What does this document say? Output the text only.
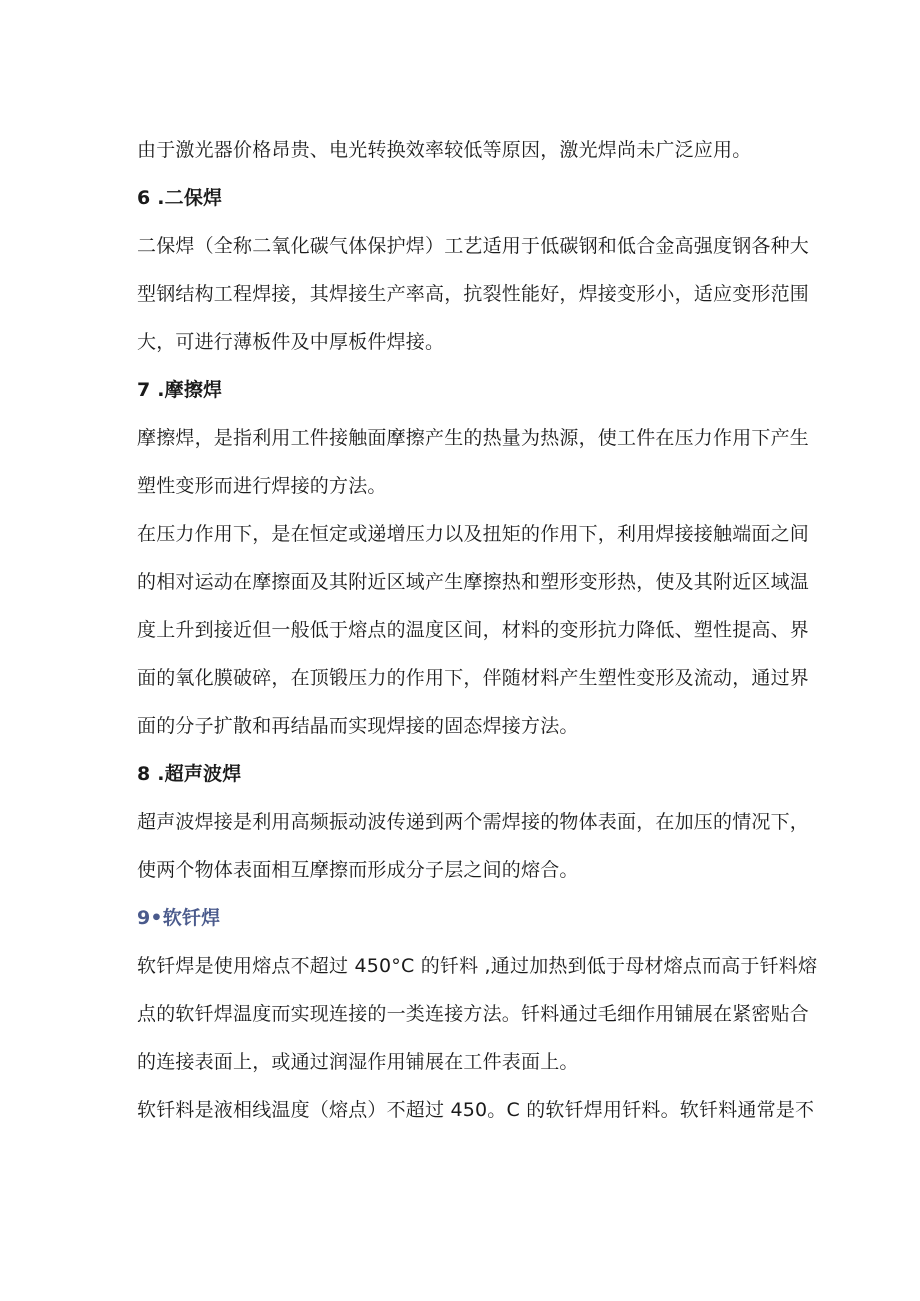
由于激光器价格昂贵、电光转换效率较低等原因，激光焊尚未广泛应用。
6 .二保焊
二保焊（全称二氧化碳气体保护焊）工艺适用于低碳钢和低合金高强度钢各种大
型钢结构工程焊接，其焊接生产率高，抗裂性能好，焊接变形小，适应变形范围
大，可进行薄板件及中厚板件焊接。
7 .摩擦焊
摩擦焊，是指利用工件接触面摩擦产生的热量为热源，使工件在压力作用下产生
塑性变形而进行焊接的方法。
在压力作用下，是在恒定或递增压力以及扭矩的作用下，利用焊接接触端面之间
的相对运动在摩擦面及其附近区域产生摩擦热和塑形变形热，使及其附近区域温
度上升到接近但一般低于熔点的温度区间，材料的变形抗力降低、塑性提高、界
面的氧化膜破碎，在顶锻压力的作用下，伴随材料产生塑性变形及流动，通过界
面的分子扩散和再结晶而实现焊接的固态焊接方法。
8 .超声波焊
超声波焊接是利用高频振动波传递到两个需焊接的物体表面，在加压的情况下，
使两个物体表面相互摩擦而形成分子层之间的熔合。
9•软钎焊
软钎焊是使用熔点不超过 450°C 的钎料 ,通过加热到低于母材熔点而高于钎料熔
点的软钎焊温度而实现连接的一类连接方法。钎料通过毛细作用铺展在紧密贴合
的连接表面上，或通过润湿作用铺展在工件表面上。
软钎料是液相线温度（熔点）不超过 450。C 的软钎焊用钎料。软钎料通常是不
